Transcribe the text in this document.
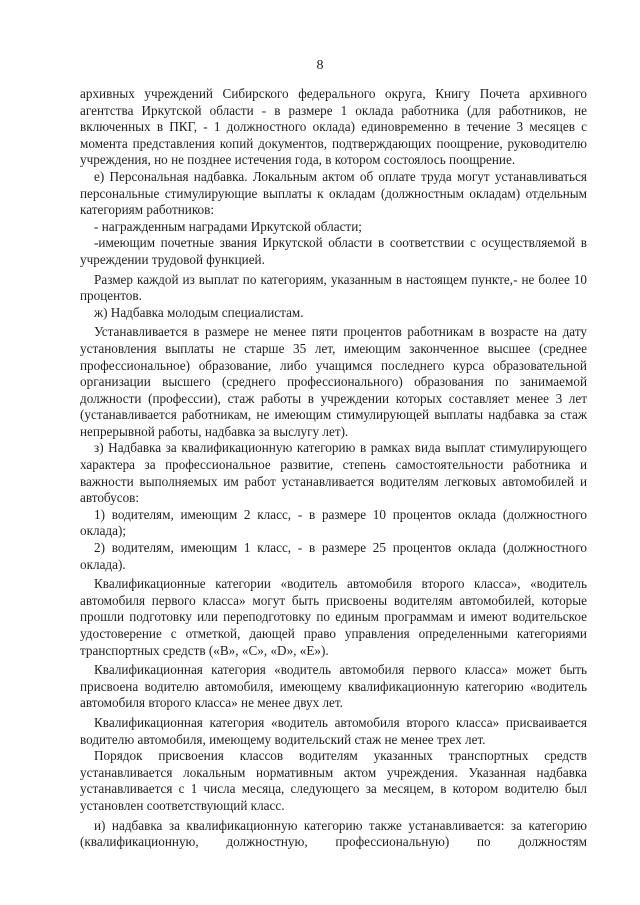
8

архивных учреждений Сибирского федерального округа, Книгу Почета архивного агентства Иркутской области - в размере 1 оклада работника (для работников, не включенных в ПКГ, - 1 должностного оклада) единовременно в течение 3 месяцев с момента представления копий документов, подтверждающих поощрение, руководителю учреждения, но не позднее истечения года, в котором состоялось поощрение.

е) Персональная надбавка. Локальным актом об оплате труда могут устанавливаться персональные стимулирующие выплаты к окладам (должностным окладам) отдельным категориям работников:

- награжденным наградами Иркутской области;

-имеющим почетные звания Иркутской области в соответствии с осуществляемой в учреждении трудовой функцией.

Размер каждой из выплат по категориям, указанным в настоящем пункте,- не более 10 процентов.

ж) Надбавка молодым специалистам.

Устанавливается в размере не менее пяти процентов работникам в возрасте на дату установления выплаты не старше 35 лет, имеющим законченное высшее (среднее профессиональное) образование, либо учащимся последнего курса образовательной организации высшего (среднего профессионального) образования по занимаемой должности (профессии), стаж работы в учреждении которых составляет менее 3 лет (устанавливается работникам, не имеющим стимулирующей выплаты надбавка за стаж непрерывной работы, надбавка за выслугу лет).

з) Надбавка за квалификационную категорию в рамках вида выплат стимулирующего характера за профессиональное развитие, степень самостоятельности работника и важности выполняемых им работ устанавливается водителям легковых автомобилей и автобусов:

1) водителям, имеющим 2 класс, - в размере 10 процентов оклада (должностного оклада);

2) водителям, имеющим 1 класс, - в размере 25 процентов оклада (должностного оклада).

Квалификационные категории «водитель автомобиля второго класса», «водитель автомобиля первого класса» могут быть присвоены водителям автомобилей, которые прошли подготовку или переподготовку по единым программам и имеют водительское удостоверение с отметкой, дающей право управления определенными категориями транспортных средств («В», «С», «D», «Е»).

Квалификационная категория «водитель автомобиля первого класса» может быть присвоена водителю автомобиля, имеющему квалификационную категорию «водитель автомобиля второго класса» не менее двух лет.

Квалификационная категория «водитель автомобиля второго класса» присваивается водителю автомобиля, имеющему водительский стаж не менее трех лет.

Порядок присвоения классов водителям указанных транспортных средств устанавливается локальным нормативным актом учреждения. Указанная надбавка устанавливается с 1 числа месяца, следующего за месяцем, в котором водителю был установлен соответствующий класс.

и) надбавка за квалификационную категорию также устанавливается: за категорию (квалификационную, должностную, профессиональную) по должностям
